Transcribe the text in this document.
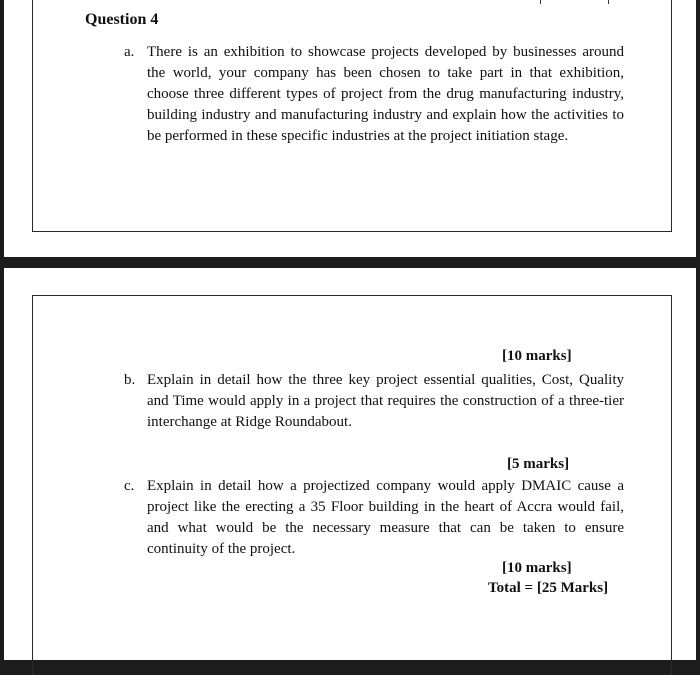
Question 4
a. There is an exhibition to showcase projects developed by businesses around the world, your company has been chosen to take part in that exhibition, choose three different types of project from the drug manufacturing industry, building industry and manufacturing industry and explain how the activities to be performed in these specific industries at the project initiation stage.
[10 marks]
b. Explain in detail how the three key project essential qualities, Cost, Quality and Time would apply in a project that requires the construction of a three-tier interchange at Ridge Roundabout.
[5 marks]
c. Explain in detail how a projectized company would apply DMAIC cause a project like the erecting a 35 Floor building in the heart of Accra would fail, and what would be the necessary measure that can be taken to ensure continuity of the project.
[10 marks]
Total = [25 Marks]
